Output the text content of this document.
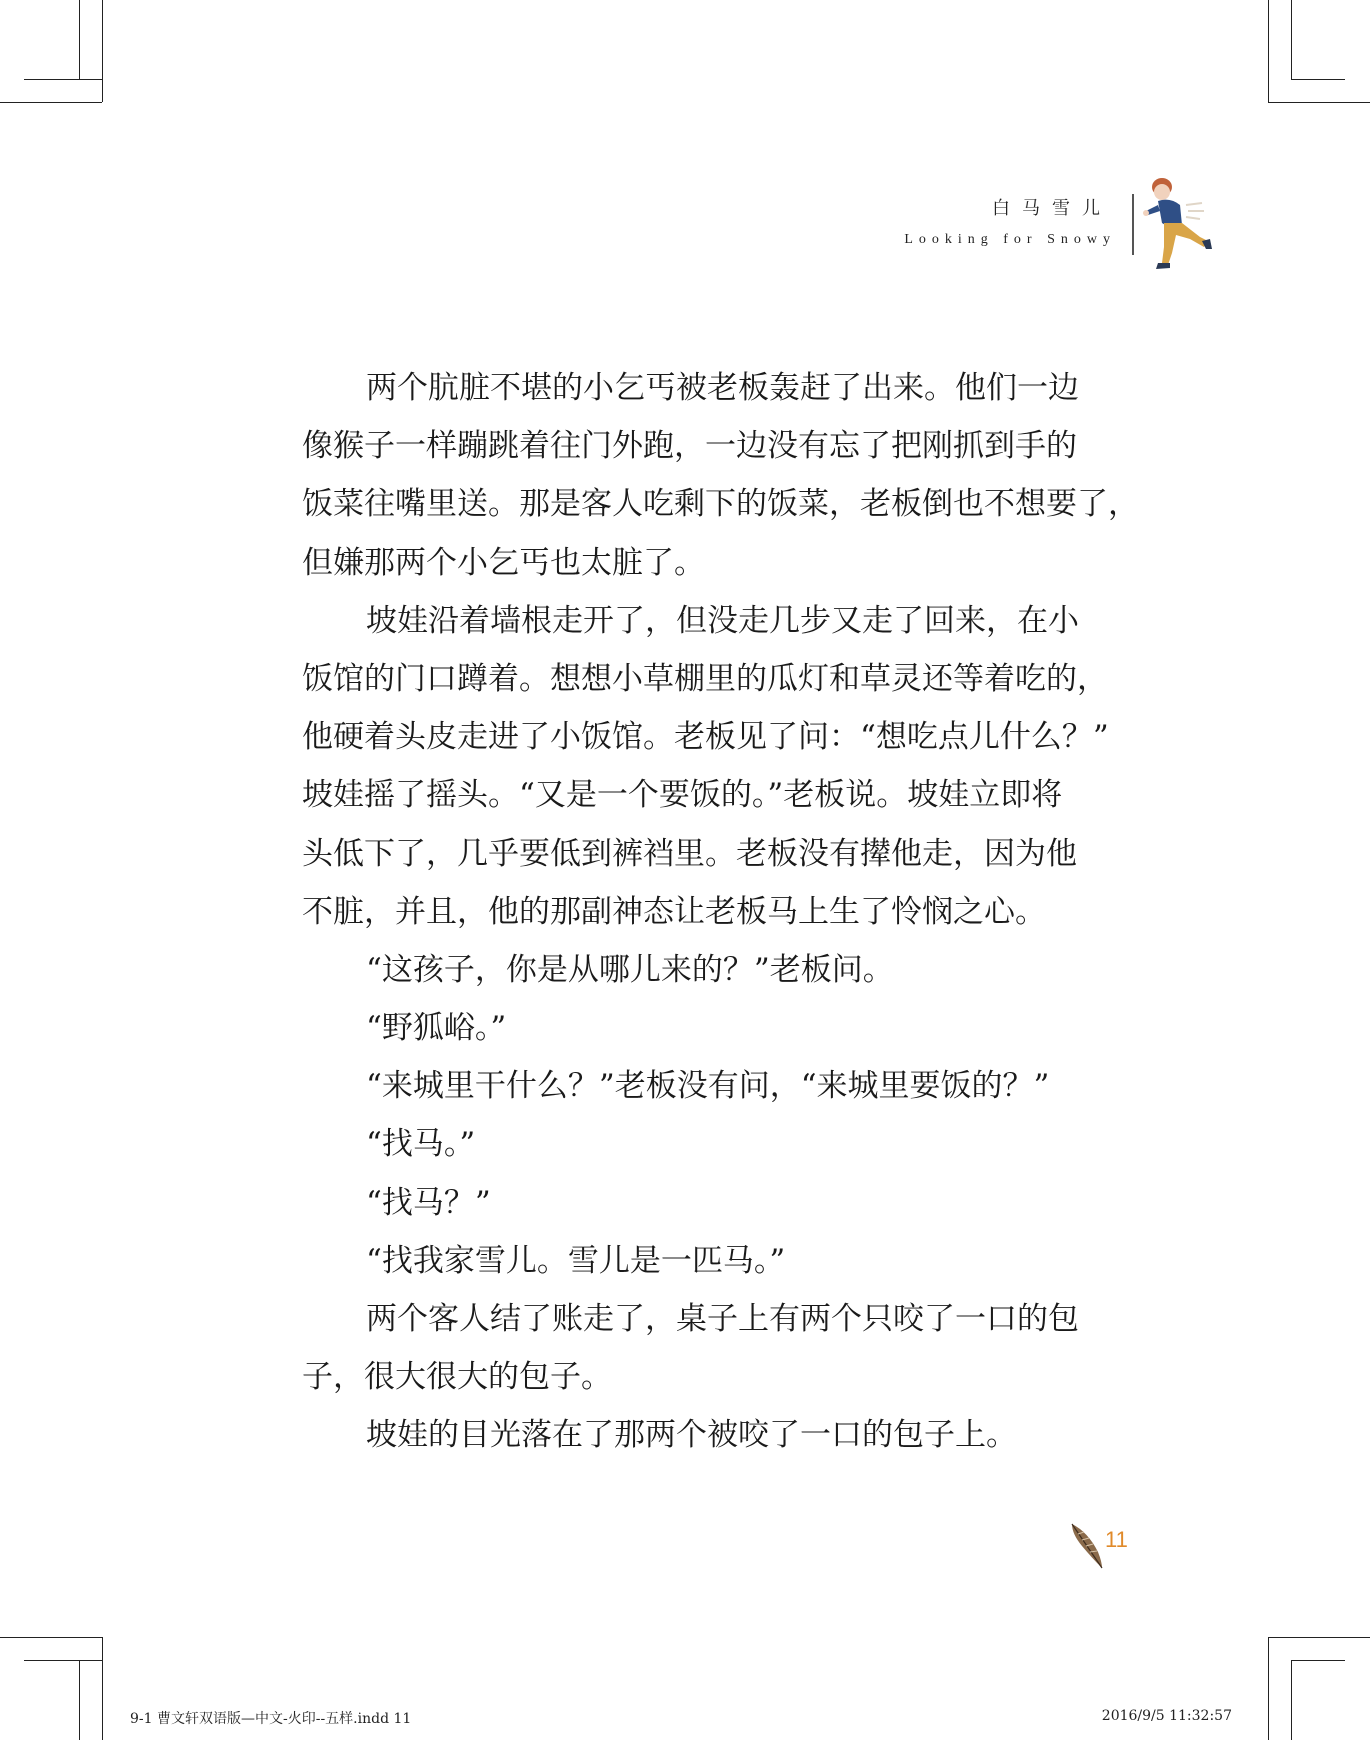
白马雪儿
Looking for Snowy
两个肮脏不堪的小乞丐被老板轰赶了出来。他们一边
像猴子一样蹦跳着往门外跑，一边没有忘了把刚抓到手的
饭菜往嘴里送。那是客人吃剩下的饭菜，老板倒也不想要了，
但嫌那两个小乞丐也太脏了。
坡娃沿着墙根走开了，但没走几步又走了回来，在小
饭馆的门口蹲着。想想小草棚里的瓜灯和草灵还等着吃的，
他硬着头皮走进了小饭馆。老板见了问：“想吃点儿什么？”
坡娃摇了摇头。“又是一个要饭的。”老板说。坡娃立即将
头低下了，几乎要低到裤裆里。老板没有撵他走，因为他
不脏，并且，他的那副神态让老板马上生了怜悯之心。
“这孩子，你是从哪儿来的？”老板问。
“野狐峪。”
“来城里干什么？”老板没有问，“来城里要饭的？”
“找马。”
“找马？”
“找我家雪儿。雪儿是一匹马。”
两个客人结了账走了，桌子上有两个只咬了一口的包
子，很大很大的包子。
坡娃的目光落在了那两个被咬了一口的包子上。
11
9-1 曹文轩双语版—中文-火印--五样.indd 11	2016/9/5 11:32:57
